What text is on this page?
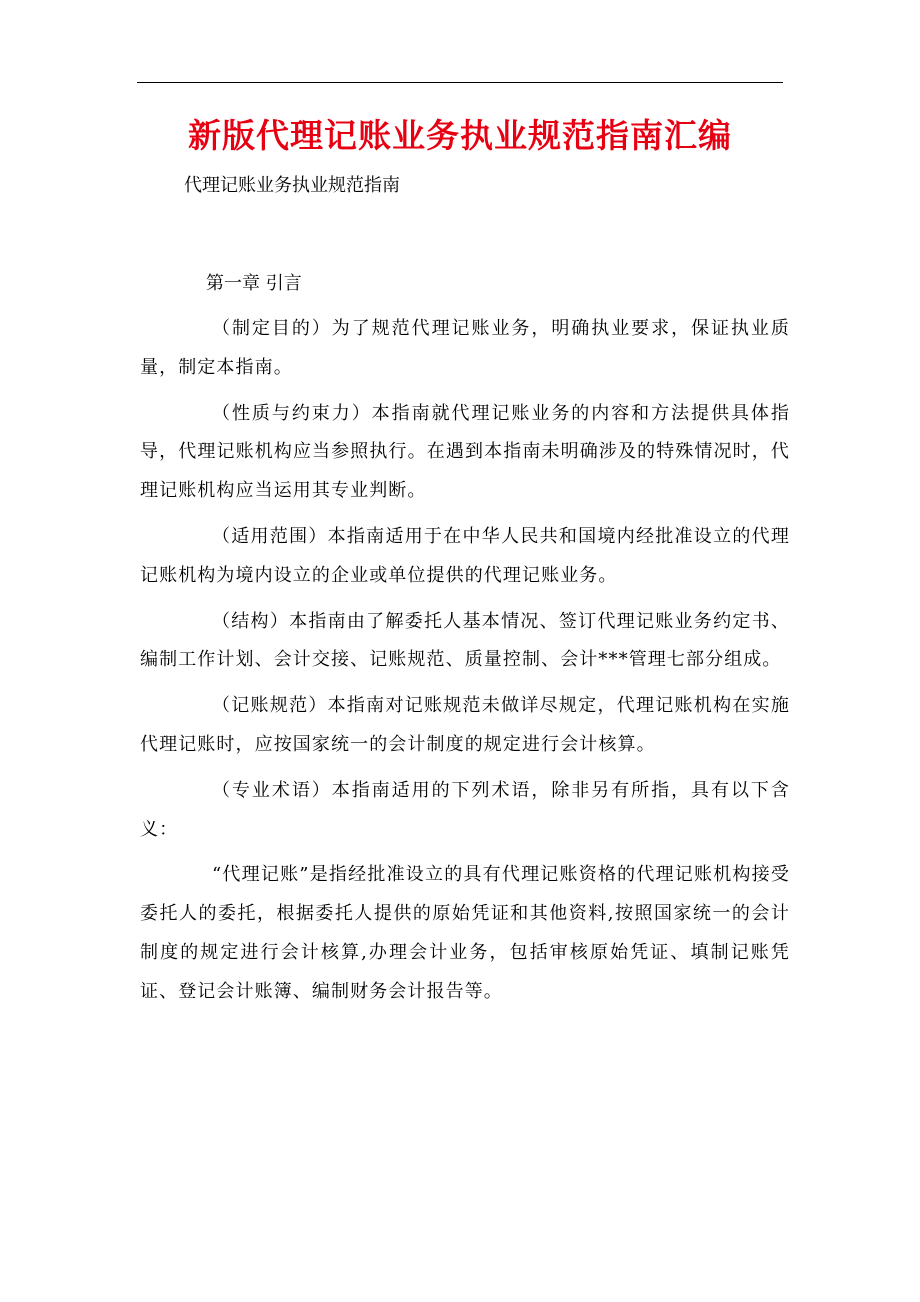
新版代理记账业务执业规范指南汇编

代理记账业务执业规范指南

第一章 引言

（制定目的）为了规范代理记账业务，明确执业要求，保证执业质量，制定本指南。

（性质与约束力）本指南就代理记账业务的内容和方法提供具体指导，代理记账机构应当参照执行。在遇到本指南未明确涉及的特殊情况时，代理记账机构应当运用其专业判断。

（适用范围）本指南适用于在中华人民共和国境内经批准设立的代理记账机构为境内设立的企业或单位提供的代理记账业务。

（结构）本指南由了解委托人基本情况、签订代理记账业务约定书、编制工作计划、会计交接、记账规范、质量控制、会计***管理七部分组成。

（记账规范）本指南对记账规范未做详尽规定，代理记账机构在实施代理记账时，应按国家统一的会计制度的规定进行会计核算。

（专业术语）本指南适用的下列术语，除非另有所指，具有以下含义：

“代理记账”是指经批准设立的具有代理记账资格的代理记账机构接受委托人的委托，根据委托人提供的原始凭证和其他资料,按照国家统一的会计制度的规定进行会计核算,办理会计业务，包括审核原始凭证、填制记账凭证、登记会计账簿、编制财务会计报告等。
